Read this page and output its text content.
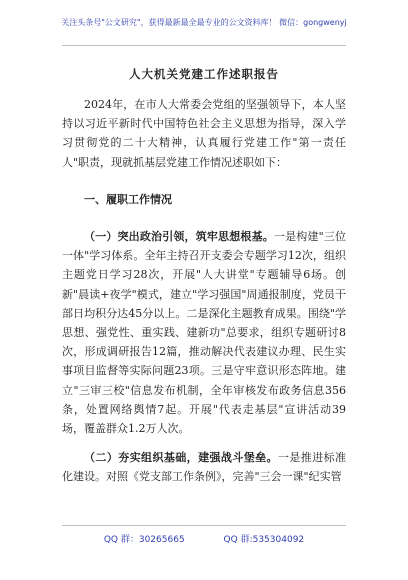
关注头条号"公文研究"，获得最新最全最专业的公文资料库！ 微信：gongwenyj
人大机关党建工作述职报告

2024年，在市人大常委会党组的坚强领导下，本人坚持以习近平新时代中国特色社会主义思想为指导，深入学习贯彻党的二十大精神，认真履行党建工作"第一责任人"职责，现就抓基层党建工作情况述职如下：

一、履职工作情况

（一）突出政治引领，筑牢思想根基。一是构建"三位一体"学习体系。全年主持召开支委会专题学习12次，组织主题党日学习28次，开展"人大讲堂"专题辅导6场。创新"晨读+夜学"模式，建立"学习强国"周通报制度，党员干部日均积分达45分以上。二是深化主题教育成果。围绕"学思想、强党性、重实践、建新功"总要求，组织专题研讨8次，形成调研报告12篇，推动解决代表建议办理、民生实事项目监督等实际问题23项。三是守牢意识形态阵地。建立"三审三校"信息发布机制，全年审核发布政务信息356条，处置网络舆情7起。开展"代表走基层"宣讲活动39场，覆盖群众1.2万人次。

（二）夯实组织基础，建强战斗堡垒。一是推进标准化建设。对照《党支部工作条例》，完善"三会一课"纪实管

QQ 群：30265665	QQ 群:535304092
